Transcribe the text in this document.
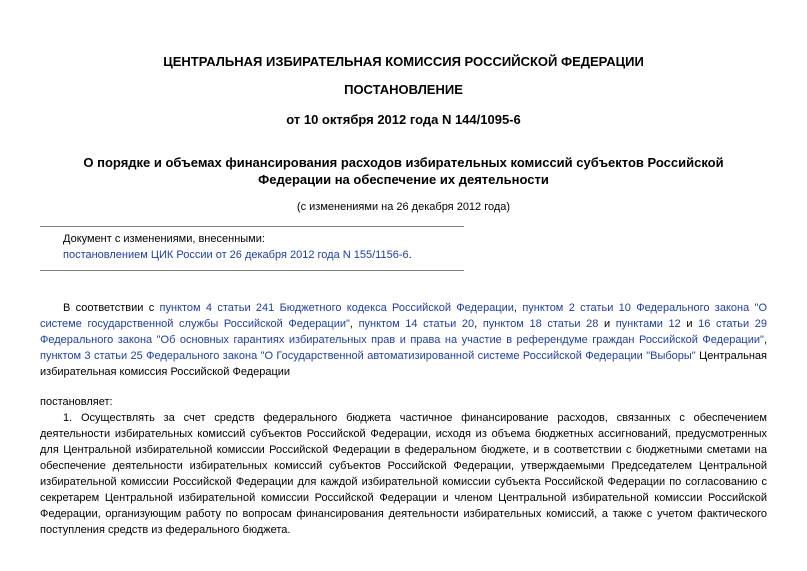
ЦЕНТРАЛЬНАЯ ИЗБИРАТЕЛЬНАЯ КОМИССИЯ РОССИЙСКОЙ ФЕДЕРАЦИИ
ПОСТАНОВЛЕНИЕ
от 10 октября 2012 года N 144/1095-6
О порядке и объемах финансирования расходов избирательных комиссий субъектов Российской
Федерации на обеспечение их деятельности
(с изменениями на 26 декабря 2012 года)
Документ с изменениями, внесенными:
постановлением ЦИК России от 26 декабря 2012 года N 155/1156-6.
В соответствии с пунктом 4 статьи 241 Бюджетного кодекса Российской Федерации, пунктом 2 статьи 10 Федерального закона "О системе государственной службы Российской Федерации", пунктом 14 статьи 20, пунктом 18 статьи 28 и пунктами 12 и 16 статьи 29 Федерального закона "Об основных гарантиях избирательных прав и права на участие в референдуме граждан Российской Федерации", пунктом 3 статьи 25 Федерального закона "О Государственной автоматизированной системе Российской Федерации "Выборы" Центральная избирательная комиссия Российской Федерации
постановляет:
1. Осуществлять за счет средств федерального бюджета частичное финансирование расходов, связанных с обеспечением деятельности избирательных комиссий субъектов Российской Федерации, исходя из объема бюджетных ассигнований, предусмотренных для Центральной избирательной комиссии Российской Федерации в федеральном бюджете, и в соответствии с бюджетными сметами на обеспечение деятельности избирательных комиссий субъектов Российской Федерации, утверждаемыми Председателем Центральной избирательной комиссии Российской Федерации для каждой избирательной комиссии субъекта Российской Федерации по согласованию с секретарем Центральной избирательной комиссии Российской Федерации и членом Центральной избирательной комиссии Российской Федерации, организующим работу по вопросам финансирования деятельности избирательных комиссий, а также с учетом фактического поступления средств из федерального бюджета.
